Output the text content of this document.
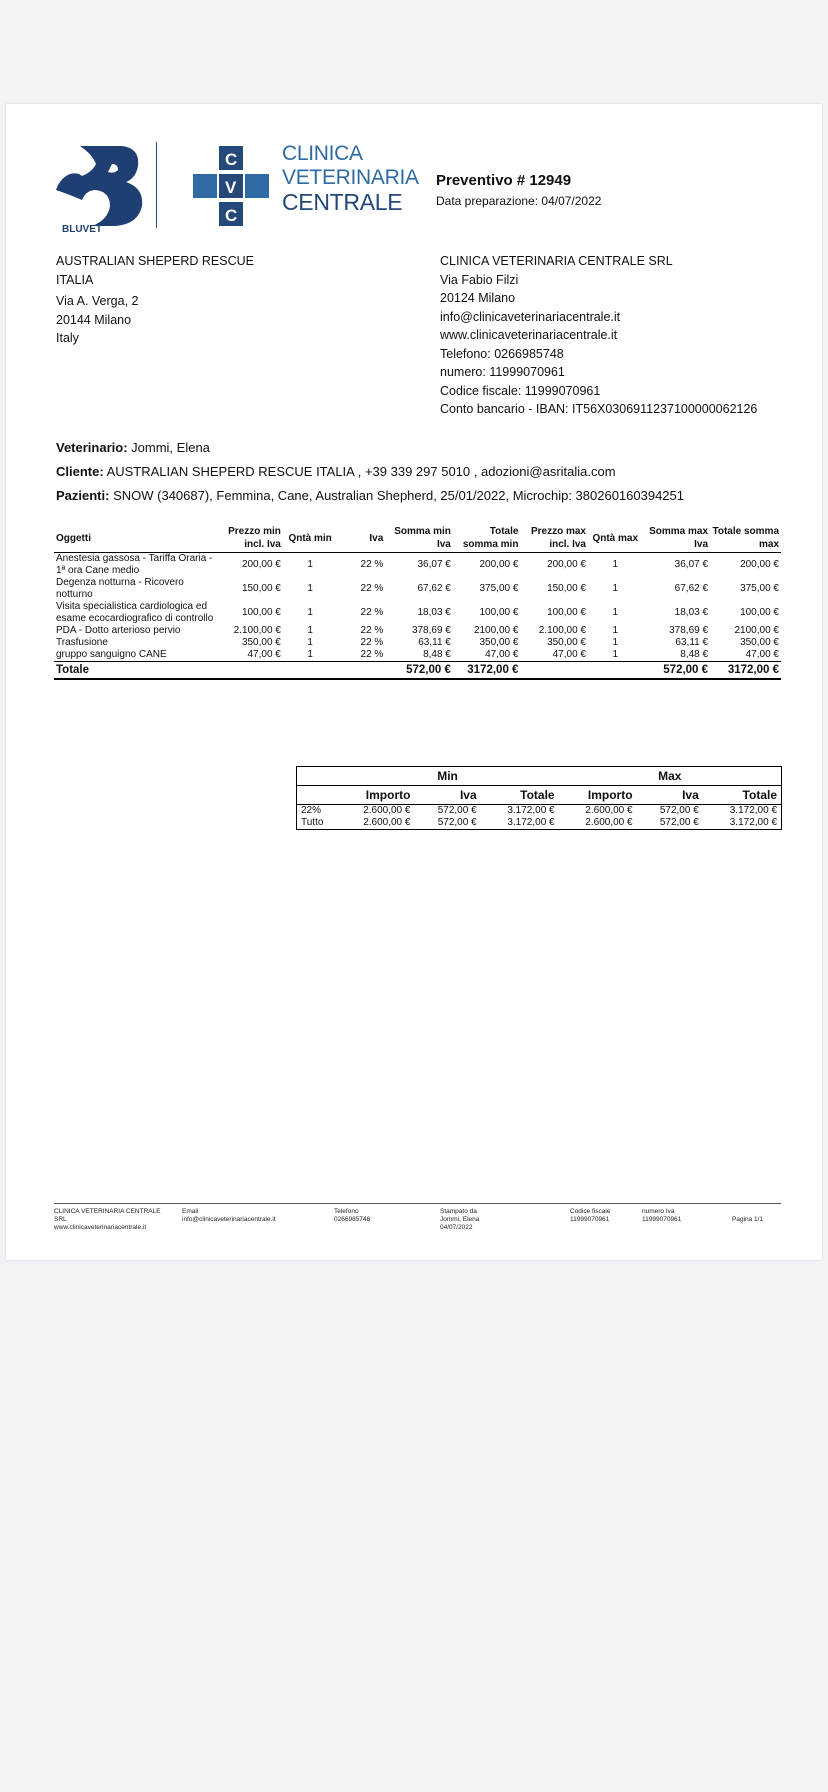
BLUVET
C
V
C
CLINICA
VETERINARIA
CENTRALE
Preventivo # 12949
Data preparazione: 04/07/2022
AUSTRALIAN SHEPERD RESCUE
ITALIA
Via A. Verga, 2
20144 Milano
Italy
CLINICA VETERINARIA CENTRALE SRL
Via Fabio Filzi
20124 Milano
info@clinicaveterinariacentrale.it
www.clinicaveterinariacentrale.it
Telefono: 0266985748
numero: 11999070961
Codice fiscale: 11999070961
Conto bancario - IBAN: IT56X0306911237100000062126
Veterinario: Jommi, Elena
Cliente: AUSTRALIAN SHEPERD RESCUE ITALIA , +39 339 297 5010 , adozioni@asritalia.com
Pazienti: SNOW (340687), Femmina, Cane, Australian Shepherd, 25/01/2022, Microchip: 380260160394251
Oggetti	Prezzo min incl. Iva	Qntà min	Iva	Somma min Iva	Totale somma min	Prezzo max incl. Iva	Qntà max	Somma max Iva	Totale somma max
Anestesia gassosa - Tariffa Oraria - 1ª ora Cane medio	200,00 €	1	22 %	36,07 €	200,00 €	200,00 €	1	36,07 €	200,00 €
Degenza notturna - Ricovero notturno	150,00 €	1	22 %	67,62 €	375,00 €	150,00 €	1	67,62 €	375,00 €
Visita specialistica cardiologica ed esame ecocardiografico di controllo	100,00 €	1	22 %	18,03 €	100,00 €	100,00 €	1	18,03 €	100,00 €
PDA - Dotto arterioso pervio	2.100,00 €	1	22 %	378,69 €	2100,00 €	2.100,00 €	1	378,69 €	2100,00 €
Trasfusione	350,00 €	1	22 %	63,11 €	350,00 €	350,00 €	1	63,11 €	350,00 €
gruppo sanguigno CANE	47,00 €	1	22 %	8,48 €	47,00 €	47,00 €	1	8,48 €	47,00 €
Totale				572,00 €	3172,00 €			572,00 €	3172,00 €
	Min			Max		
	Importo	Iva	Totale	Importo	Iva	Totale
22%	2.600,00 €	572,00 €	3.172,00 €	2.600,00 €	572,00 €	3.172,00 €
Tutto	2.600,00 €	572,00 €	3.172,00 €	2.600,00 €	572,00 €	3.172,00 €
CLINICA VETERINARIA CENTRALE
SRL
www.clinicaveterinariacentrale.it
Email
info@clinicaveterinariacentrale.it
Telefono
0266985748
Stampato da
Jommi, Elena
04/07/2022
Codice fiscale
11999070961
numero Iva
11999070961	Pagina 1/1
